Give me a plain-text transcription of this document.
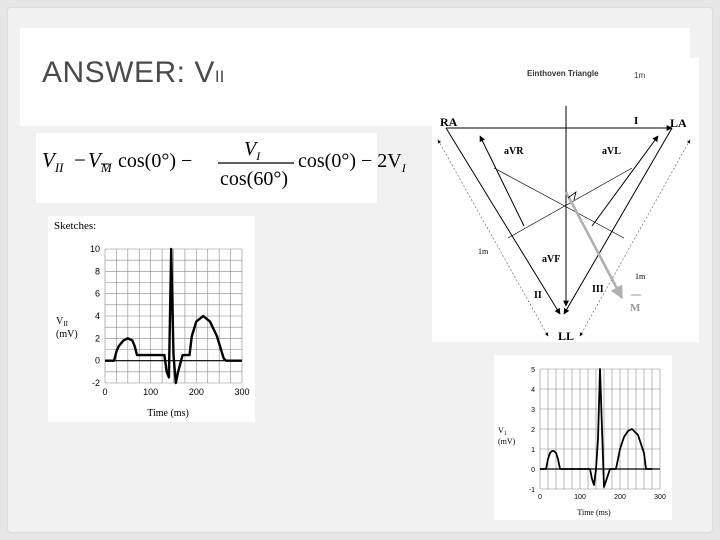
ANSWER: VII
$V_{II} - V_M$ cos(0°) −
$V_I$
cos(60°)
$\cos(0^\circ) - 2V_I$
Sketches:
-2
0
2
4
6
8
10
0	100	200	300
$V_{II}$
(mV)
Time (ms)
Einthoven Triangle	1m
RA	LA
LL
I
II
III
aVR	aVL
aVF
1m
1m
M
-1
0
1
2
3
4
5
0	100	200	300
$V_1$
(mV)
Time (ms)
